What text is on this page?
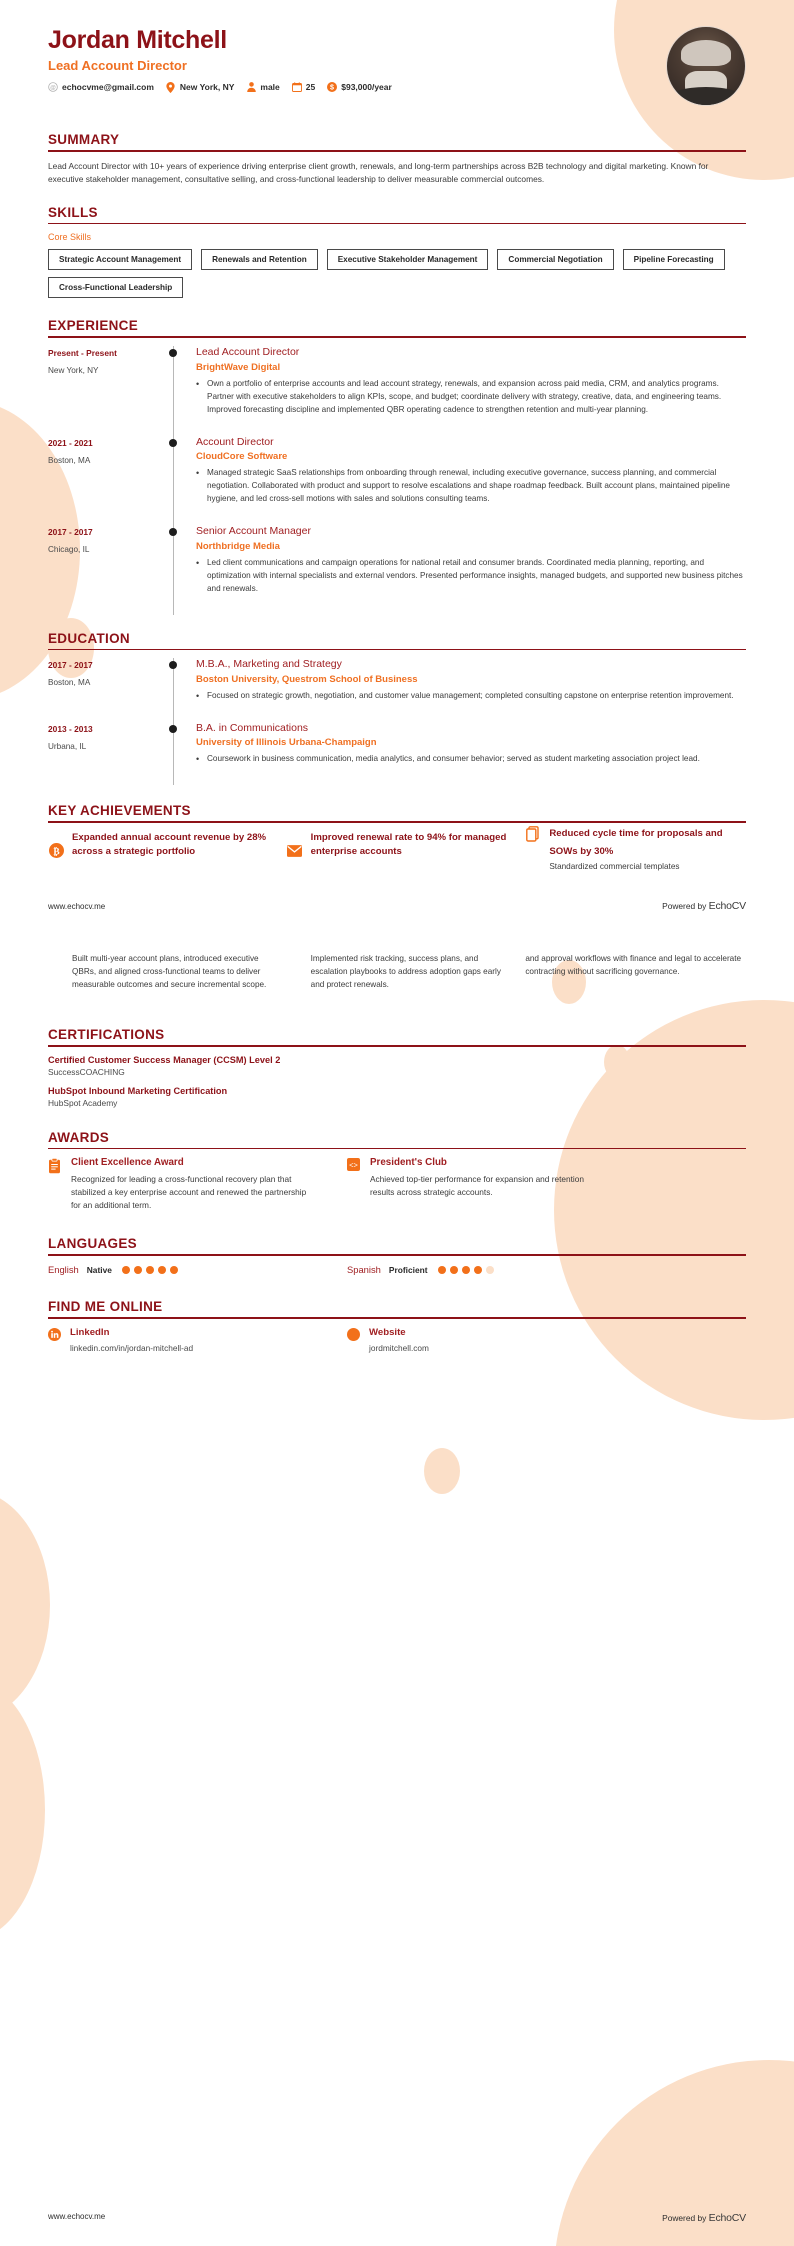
Jordan Mitchell
Lead Account Director
@ echocvme@gmail.com	New York, NY	male	25 $ $93,000/year
SUMMARY
Lead Account Director with 10+ years of experience driving enterprise client growth, renewals, and long-term partnerships across B2B technology and digital marketing. Known for executive stakeholder management, consultative selling, and cross-functional leadership to deliver measurable commercial outcomes.
SKILLS
Core Skills
Strategic Account Management	Renewals and Retention	Executive Stakeholder Management	Commercial Negotiation	Pipeline Forecasting
Cross-Functional Leadership
EXPERIENCE
Present - Present
New York, NY
Lead Account Director
BrightWave Digital
• Own a portfolio of enterprise accounts and lead account strategy, renewals, and expansion across paid media, CRM, and analytics programs. Partner with executive stakeholders to align KPIs, scope, and budget; coordinate delivery with strategy, creative, data, and engineering teams. Improved forecasting discipline and implemented QBR operating cadence to strengthen retention and multi-year planning.
2021 - 2021
Boston, MA
Account Director
CloudCore Software
• Managed strategic SaaS relationships from onboarding through renewal, including executive governance, success planning, and commercial negotiation. Collaborated with product and support to resolve escalations and shape roadmap feedback. Built account plans, maintained pipeline hygiene, and led cross-sell motions with sales and solutions consulting teams.
2017 - 2017
Chicago, IL
Senior Account Manager
Northbridge Media
• Led client communications and campaign operations for national retail and consumer brands. Coordinated media planning, reporting, and optimization with internal specialists and external vendors. Presented performance insights, managed budgets, and supported new business pitches and renewals.
EDUCATION
2017 - 2017
Boston, MA
M.B.A., Marketing and Strategy
Boston University, Questrom School of Business
• Focused on strategic growth, negotiation, and customer value management; completed consulting capstone on enterprise retention improvement.
2013 - 2013
Urbana, IL
B.A. in Communications
University of Illinois Urbana-Champaign
• Coursework in business communication, media analytics, and consumer behavior; served as student marketing association project lead.
KEY ACHIEVEMENTS
₿
Expanded annual account revenue by 28% across a strategic portfolio
Improved renewal rate to 94% for managed enterprise accounts
Reduced cycle time for proposals and SOWs by 30%
Standardized commercial templates
www.echocv.me	Powered by EchoCV
Built multi-year account plans, introduced executive QBRs, and aligned cross-functional teams to deliver measurable outcomes and secure incremental scope.
Implemented risk tracking, success plans, and escalation playbooks to address adoption gaps early and protect renewals.
and approval workflows with finance and legal to accelerate contracting without sacrificing governance.
CERTIFICATIONS
Certified Customer Success Manager (CCSM) Level 2
SuccessCOACHING
HubSpot Inbound Marketing Certification
HubSpot Academy
AWARDS
Client Excellence Award
Recognized for leading a cross-functional recovery plan that stabilized a key enterprise account and renewed the partnership for an additional term.
<> President's Club
Achieved top-tier performance for expansion and retention results across strategic accounts.
LANGUAGES
English Native	Spanish Proficient
FIND ME ONLINE
LinkedIn
linkedin.com/in/jordan-mitchell-ad
Website
jordmitchell.com
www.echocv.me	Powered by EchoCV
